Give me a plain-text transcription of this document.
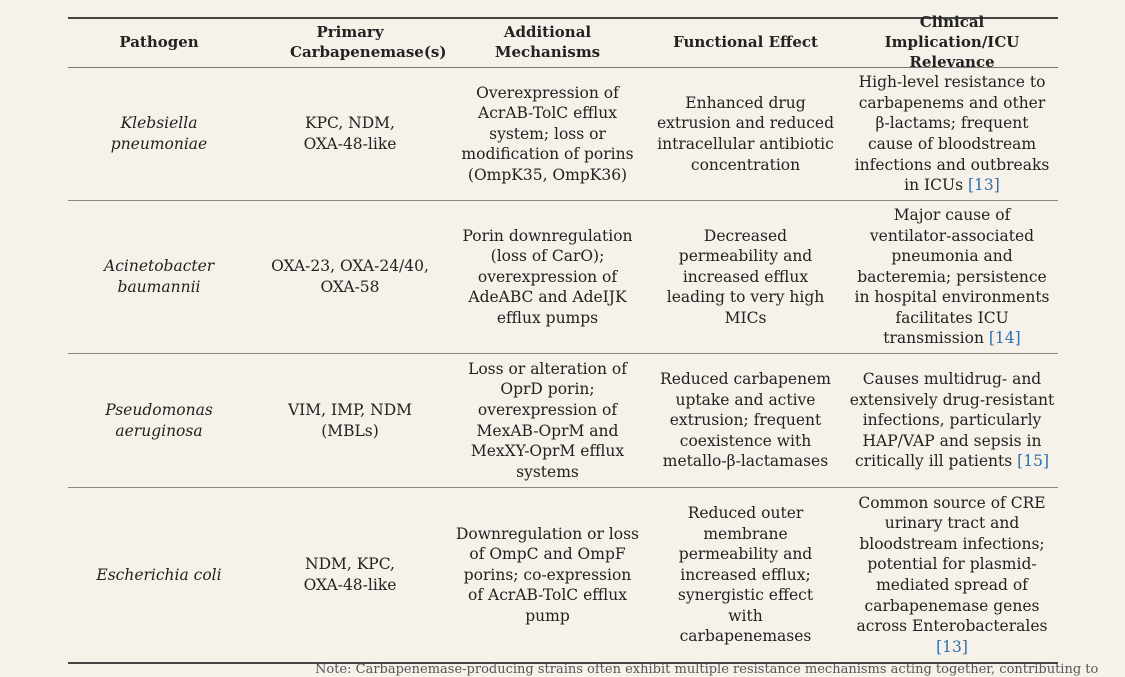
Pathogen
Primary Carbapenemase(s)
Additional Mechanisms
Functional Effect
Clinical Implication/ICU Relevance
Klebsiella pneumoniae
KPC, NDM, OXA-48-like
Overexpression of AcrAB-TolC efflux system; loss or modification of porins (OmpK35, OmpK36)
Enhanced drug extrusion and reduced intracellular antibiotic concentration
High-level resistance to carbapenems and other β-lactams; frequent cause of bloodstream infections and outbreaks in ICUs [13]
Acinetobacter baumannii
OXA-23, OXA-24/40, OXA-58
Porin downregulation (loss of CarO); overexpression of AdeABC and AdeIJK efflux pumps
Decreased permeability and increased efflux leading to very high MICs
Major cause of ventilator-associated pneumonia and bacteremia; persistence in hospital environments facilitates ICU transmission [14]
Pseudomonas aeruginosa
VIM, IMP, NDM (MBLs)
Loss or alteration of OprD porin; overexpression of MexAB-OprM and MexXY-OprM efflux systems
Reduced carbapenem uptake and active extrusion; frequent coexistence with metallo-β-lactamases
Causes multidrug- and extensively drug-resistant infections, particularly HAP/VAP and sepsis in critically ill patients [15]
Escherichia coli
NDM, KPC, OXA-48-like
Downregulation or loss of OmpC and OmpF porins; co-expression of AcrAB-TolC efflux pump
Reduced outer membrane permeability and increased efflux; synergistic effect with carbapenemases
Common source of CRE urinary tract and bloodstream infections; potential for plasmid-mediated spread of carbapenemase genes across Enterobacterales [13]
Note: Carbapenemase-producing strains often exhibit multiple resistance mechanisms acting together, contributing to
